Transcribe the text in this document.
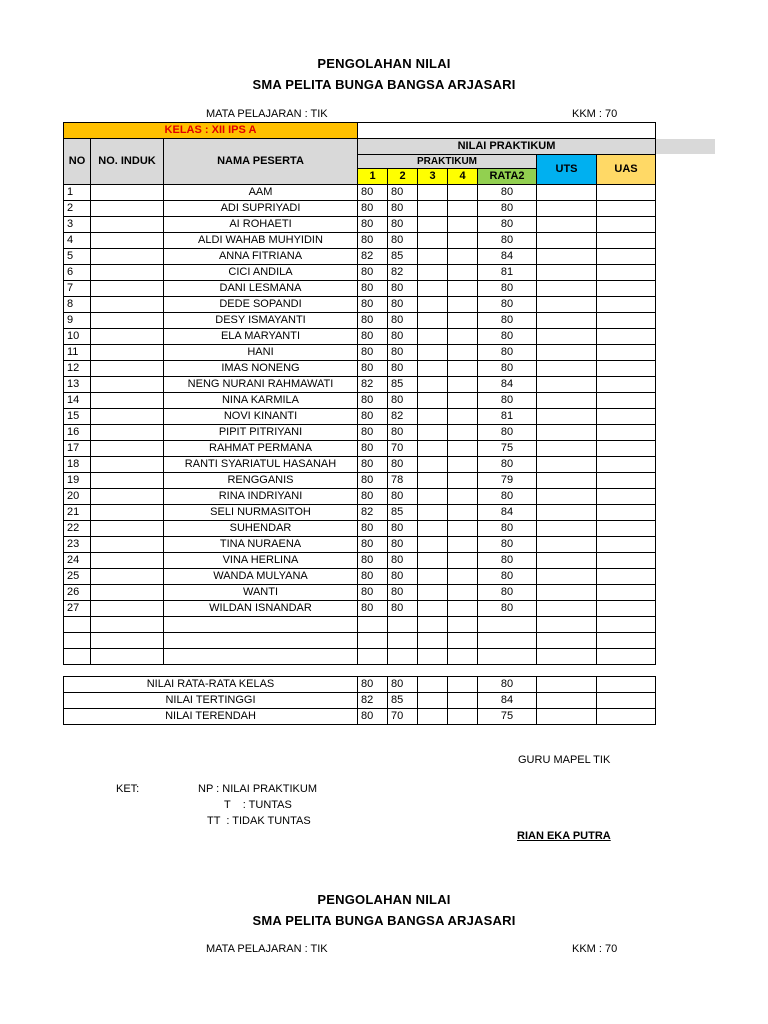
PENGOLAHAN NILAI
SMA PELITA BUNGA BANGSA ARJASARI
MATA PELAJARAN : TIK	KKM : 70
KELAS : XII IPS A									
NO	NO. INDUK	NAMA PESERTA	NILAI PRAKTIKUM						
			PRAKTIKUM					UTS	UAS
			1	2	3	4	RATA2		
1		AAM	80	80			80		
2		ADI SUPRIYADI	80	80			80		
3		AI ROHAETI	80	80			80		
4		ALDI WAHAB MUHYIDIN	80	80			80		
5		ANNA FITRIANA	82	85			84		
6		CICI ANDILA	80	82			81		
7		DANI LESMANA	80	80			80		
8		DEDE SOPANDI	80	80			80		
9		DESY ISMAYANTI	80	80			80		
10		ELA MARYANTI	80	80			80		
11		HANI	80	80			80		
12		IMAS NONENG	80	80			80		
13		NENG NURANI RAHMAWATI	82	85			84		
14		NINA KARMILA	80	80			80		
15		NOVI KINANTI	80	82			81		
16		PIPIT PITRIYANI	80	80			80		
17		RAHMAT PERMANA	80	70			75		
18		RANTI SYARIATUL HASANAH	80	80			80		
19		RENGGANIS	80	78			79		
20		RINA INDRIYANI	80	80			80		
21		SELI NURMASITOH	82	85			84		
22		SUHENDAR	80	80			80		
23		TINA NURAENA	80	80			80		
24		VINA HERLINA	80	80			80		
25		WANDA MULYANA	80	80			80		
26		WANTI	80	80			80		
27		WILDAN ISNANDAR	80	80			80		

NILAI RATA-RATA KELAS	80	80			80		
NILAI TERTINGGI	82	85			84		
NILAI TERENDAH	80	70			75		
GURU MAPEL TIK
KET:	NP : NILAI PRAKTIKUM
T    : TUNTAS
TT  : TIDAK TUNTAS
RIAN EKA PUTRA
PENGOLAHAN NILAI
SMA PELITA BUNGA BANGSA ARJASARI
MATA PELAJARAN : TIK	KKM : 70
